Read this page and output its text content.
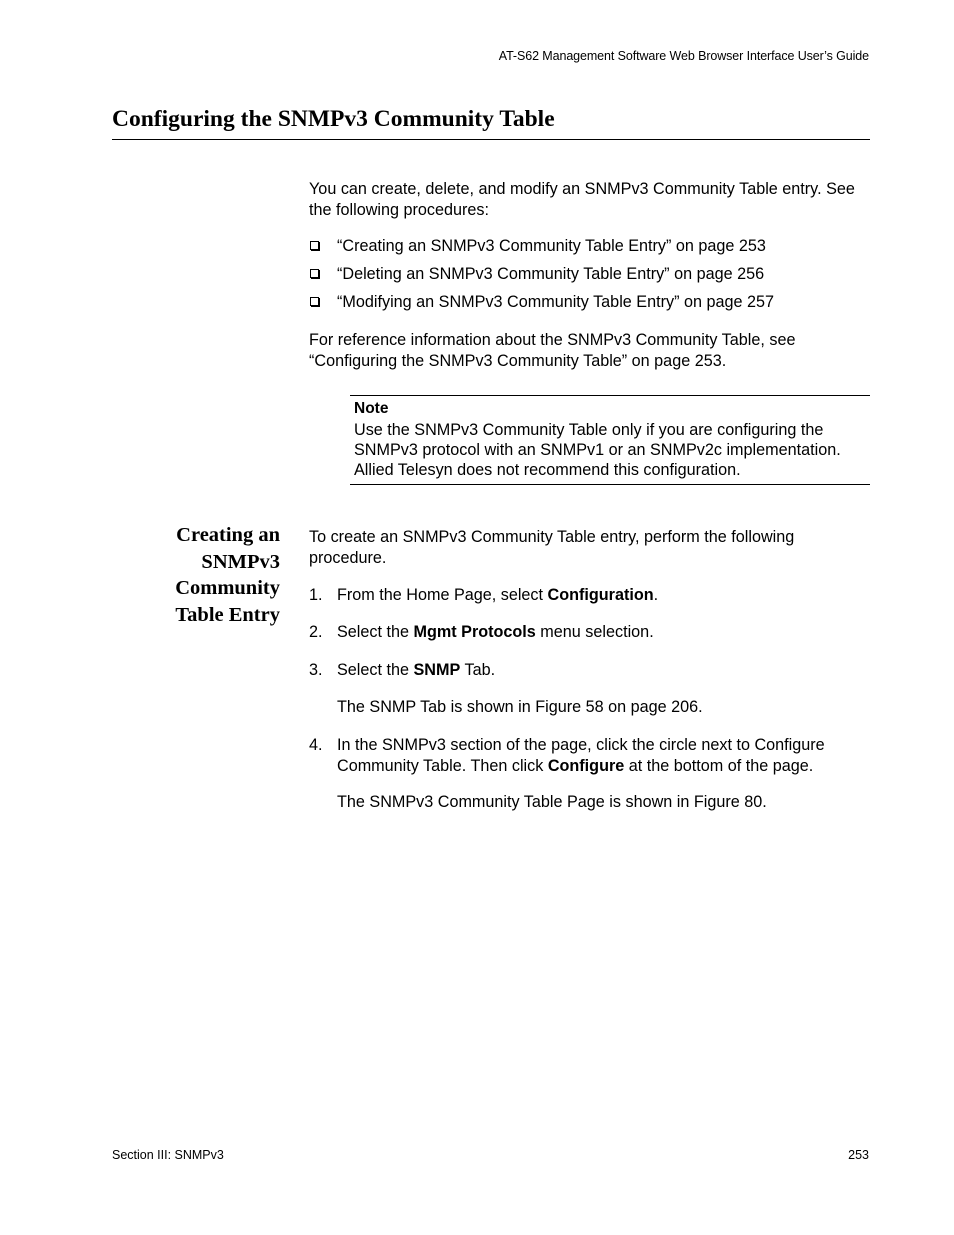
AT-S62 Management Software Web Browser Interface User’s Guide
Configuring the SNMPv3 Community Table
You can create, delete, and modify an SNMPv3 Community Table entry. See the following procedures:
“Creating an SNMPv3 Community Table Entry” on page 253
“Deleting an SNMPv3 Community Table Entry” on page 256
“Modifying an SNMPv3 Community Table Entry” on page 257
For reference information about the SNMPv3 Community Table, see “Configuring the SNMPv3 Community Table” on page 253.
Note
Use the SNMPv3 Community Table only if you are configuring the SNMPv3 protocol with an SNMPv1 or an SNMPv2c implementation. Allied Telesyn does not recommend this configuration.
Creating an
SNMPv3
Community
Table Entry
To create an SNMPv3 Community Table entry, perform the following procedure.
1. From the Home Page, select Configuration.
2. Select the Mgmt Protocols menu selection.
3. Select the SNMP Tab.
The SNMP Tab is shown in Figure 58 on page 206.
4. In the SNMPv3 section of the page, click the circle next to Configure Community Table. Then click Configure at the bottom of the page.
The SNMPv3 Community Table Page is shown in Figure 80.
Section III: SNMPv3	253
